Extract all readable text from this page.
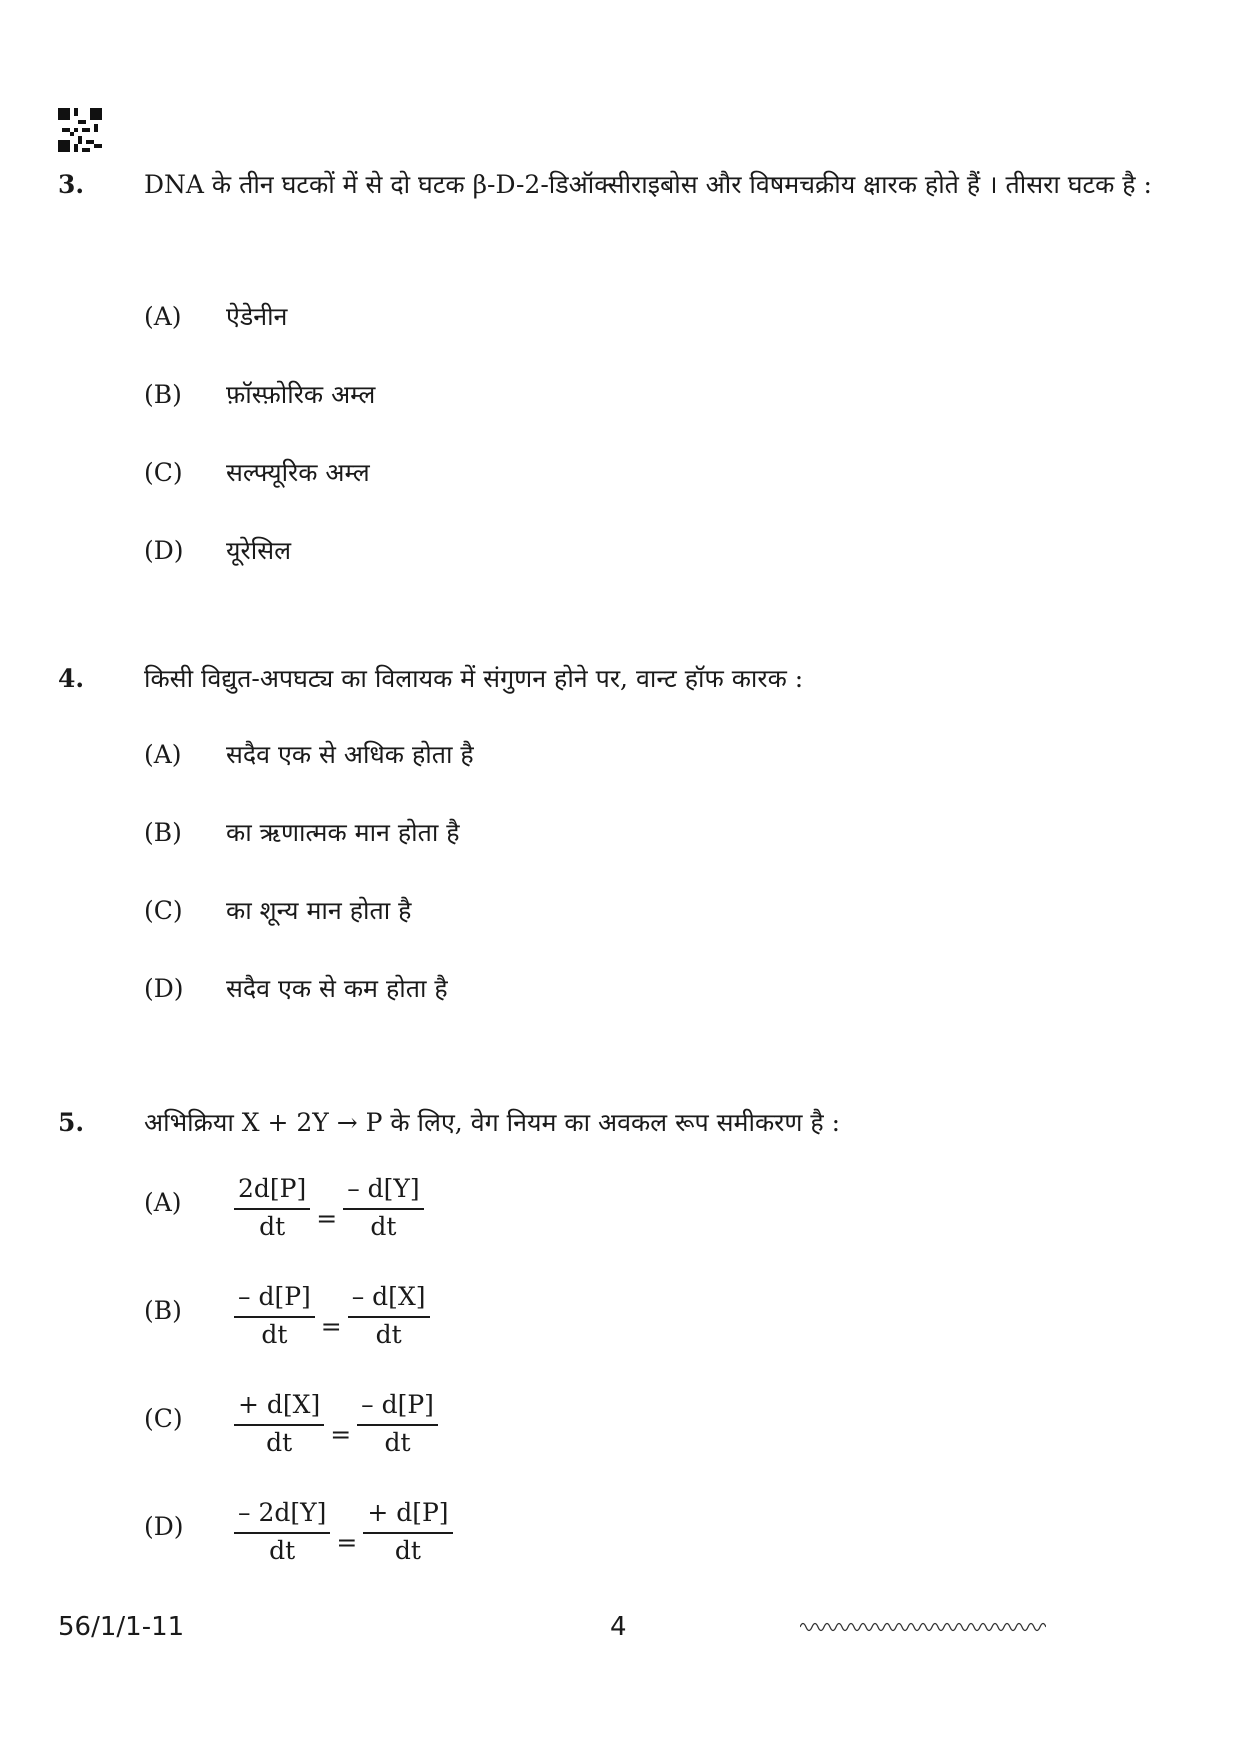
3. DNA के तीन घटकों में से दो घटक β-D-2-डिऑक्सीराइबोस और विषमचक्रीय क्षारक होते हैं । तीसरा घटक है :
(A)	ऐडेनीन
(B)	फ़ॉस्फ़ोरिक अम्ल
(C)	सल्फ्यूरिक अम्ल
(D)	यूरेसिल
4. किसी विद्युत-अपघट्य का विलायक में संगुणन होने पर, वान्ट हॉफ कारक :
(A)	सदैव एक से अधिक होता है
(B)	का ऋणात्मक मान होता है
(C)	का शून्य मान होता है
(D)	सदैव एक से कम होता है
5. अभिक्रिया X + 2Y → P के लिए, वेग नियम का अवकल रूप समीकरण है :
(A)	$\frac{2d[P]}{dt} = \frac{- d[Y]}{dt}$
(B)	$\frac{- d[P]}{dt} = \frac{- d[X]}{dt}$
(C)	$\frac{+ d[X]}{dt} = \frac{- d[P]}{dt}$
(D)	$\frac{- 2d[Y]}{dt} = \frac{+ d[P]}{dt}$
56/1/1-11	4
